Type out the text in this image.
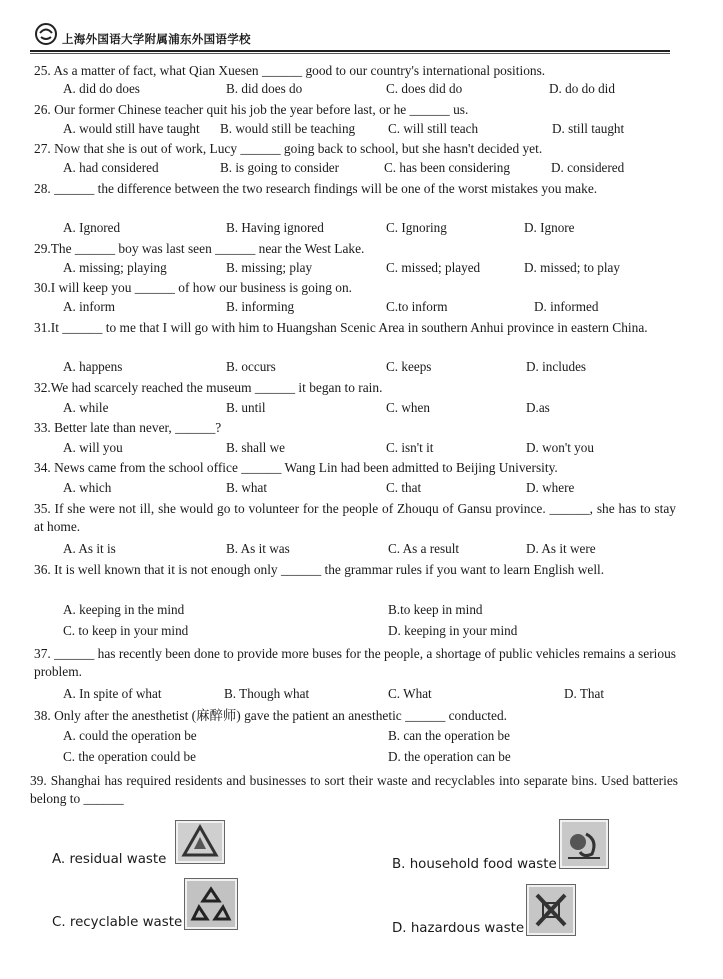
上海外国语大学附属浦东外国语学校
25. As a matter of fact, what Qian Xuesen ______ good to our country's international positions.
A. did do does	B. did does do	C. does did do	D. do do did
26. Our former Chinese teacher quit his job the year before last, or he ______ us.
A. would still have taught B. would still be teaching C. will still teach	D. still taught
27. Now that she is out of work, Lucy ______ going back to school, but she hasn't decided yet.
A. had considered	B. is going to consider	C. has been considering	D. considered
28. ______ the difference between the two research findings will be one of the worst mistakes you make.
A. Ignored	B. Having ignored	C. Ignoring	D. Ignore
29.The ______ boy was last seen ______ near the West Lake.
A. missing; playing	B. missing; play	C. missed; played	D. missed; to play
30.I will keep you ______ of how our business is going on.
A. inform	B. informing	C.to inform	D. informed
31.It ______ to me that I will go with him to Huangshan Scenic Area in southern Anhui province in eastern China.
A. happens	B. occurs	C. keeps	D. includes
32.We had scarcely reached the museum ______ it began to rain.
A. while	B. until	C. when	D.as
33. Better late than never, ______?
A. will you	B. shall we	C. isn't it	D. won't you
34. News came from the school office ______ Wang Lin had been admitted to Beijing University.
A. which	B. what	C. that	D. where
35. If she were not ill, she would go to volunteer for the people of Zhouqu of Gansu province. ______, she has to stay at home.
A. As it is	B. As it was	C. As a result	D. As it were
36. It is well known that it is not enough only ______ the grammar rules if you want to learn English well.
A. keeping in the mind	B.to keep in mind
C. to keep in your mind	D. keeping in your mind
37. ______ has recently been done to provide more buses for the people, a shortage of public vehicles remains a serious problem.
A. In spite of what	B. Though what	C. What	D. That
38. Only after the anesthetist (麻醉师) gave the patient an anesthetic ______ conducted.
A. could the operation be	B. can the operation be
C. the operation could be	D. the operation can be
39. Shanghai has required residents and businesses to sort their waste and recyclables into separate bins. Used batteries belong to ______
A. residual waste	B. household food waste
C. recyclable waste	D. hazardous waste
